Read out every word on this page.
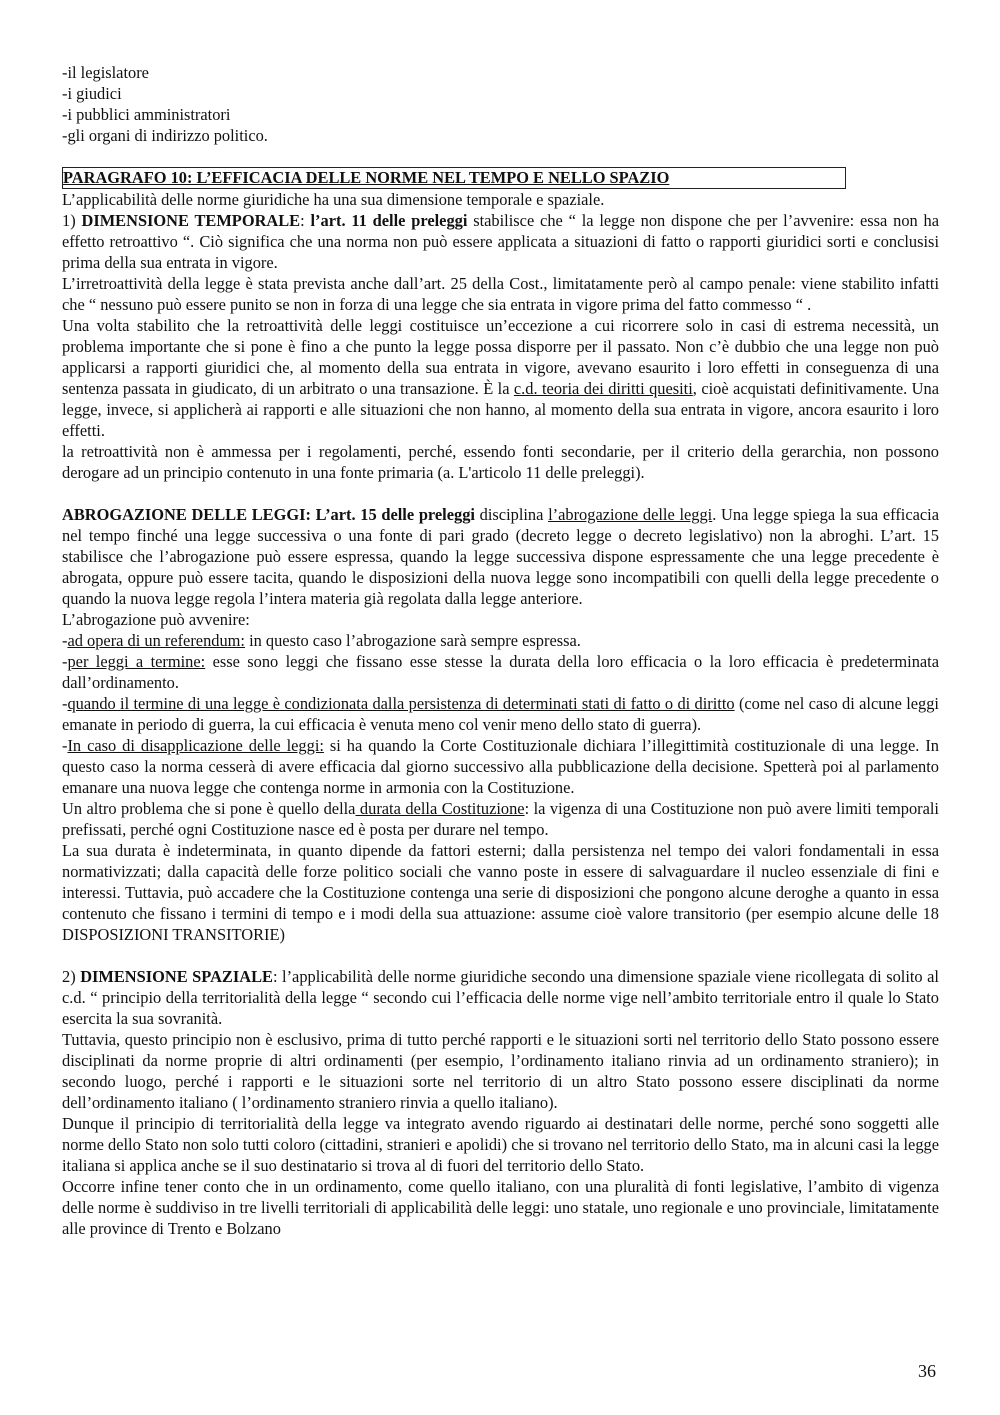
-il legislatore
-i giudici
-i pubblici amministratori
-gli organi di indirizzo politico.
PARAGRAFO 10: L’EFFICACIA DELLE NORME NEL TEMPO E NELLO SPAZIO

L’applicabilità delle norme giuridiche ha una sua dimensione temporale e spaziale.

1) DIMENSIONE TEMPORALE: l’art. 11 delle preleggi stabilisce che “ la legge non dispone che per l’avvenire: essa non ha effetto retroattivo “. Ciò significa che una norma non può essere applicata a situazioni di fatto o rapporti giuridici sorti e conclusisi prima della sua entrata in vigore.

L’irretroattività della legge è stata prevista anche dall’art. 25 della Cost., limitatamente però al campo penale: viene stabilito infatti che “ nessuno può essere punito se non in forza di una legge che sia entrata in vigore prima del fatto commesso “ .

Una volta stabilito che la retroattività delle leggi costituisce un’eccezione a cui ricorrere solo in casi di estrema necessità, un problema importante che si pone è fino a che punto la legge possa disporre per il passato. Non c’è dubbio che una legge non può applicarsi a rapporti giuridici che, al momento della sua entrata in vigore, avevano esaurito i loro effetti in conseguenza di una sentenza passata in giudicato, di un arbitrato o una transazione. È la c.d. teoria dei diritti quesiti, cioè acquistati definitivamente. Una legge, invece, si applicherà ai rapporti e alle situazioni che non hanno, al momento della sua entrata in vigore, ancora esaurito i loro effetti.

la retroattività non è ammessa per i regolamenti, perché, essendo fonti secondarie, per il criterio della gerarchia, non possono derogare ad un principio contenuto in una fonte primaria (a. L'articolo 11 delle preleggi).

ABROGAZIONE DELLE LEGGI: L’art. 15 delle preleggi disciplina l’abrogazione delle leggi. Una legge spiega la sua efficacia nel tempo finché una legge successiva o una fonte di pari grado (decreto legge o decreto legislativo) non la abroghi. L’art. 15 stabilisce che l’abrogazione può essere espressa, quando la legge successiva dispone espressamente che una legge precedente è abrogata, oppure può essere tacita, quando le disposizioni della nuova legge sono incompatibili con quelli della legge precedente o quando la nuova legge regola l’intera materia già regolata dalla legge anteriore.

L’abrogazione può avvenire:

-ad opera di un referendum: in questo caso l’abrogazione sarà sempre espressa.

-per leggi a termine: esse sono leggi che fissano esse stesse la durata della loro efficacia o la loro efficacia è predeterminata dall’ordinamento.

-quando il termine di una legge è condizionata dalla persistenza di determinati stati di fatto o di diritto (come nel caso di alcune leggi emanate in periodo di guerra, la cui efficacia è venuta meno col venir meno dello stato di guerra).

-In caso di disapplicazione delle leggi: si ha quando la Corte Costituzionale dichiara l’illegittimità costituzionale di una legge. In questo caso la norma cesserà di avere efficacia dal giorno successivo alla pubblicazione della decisione. Spetterà poi al parlamento emanare una nuova legge che contenga norme in armonia con la Costituzione.

Un altro problema che si pone è quello della durata della Costituzione: la vigenza di una Costituzione non può avere limiti temporali prefissati, perché ogni Costituzione nasce ed è posta per durare nel tempo.

La sua durata è indeterminata, in quanto dipende da fattori esterni; dalla persistenza nel tempo dei valori fondamentali in essa normativizzati; dalla capacità delle forze politico sociali che vanno poste in essere di salvaguardare il nucleo essenziale di fini e interessi. Tuttavia, può accadere che la Costituzione contenga una serie di disposizioni che pongono alcune deroghe a quanto in essa contenuto che fissano i termini di tempo e i modi della sua attuazione: assume cioè valore transitorio (per esempio alcune delle 18 DISPOSIZIONI TRANSITORIE)

2) DIMENSIONE SPAZIALE: l’applicabilità delle norme giuridiche secondo una dimensione spaziale viene ricollegata di solito al c.d. “ principio della territorialità della legge “ secondo cui l’efficacia delle norme vige nell’ambito territoriale entro il quale lo Stato esercita la sua sovranità.

Tuttavia, questo principio non è esclusivo, prima di tutto perché rapporti e le situazioni sorti nel territorio dello Stato possono essere disciplinati da norme proprie di altri ordinamenti (per esempio, l’ordinamento italiano rinvia ad un ordinamento straniero); in secondo luogo, perché i rapporti e le situazioni sorte nel territorio di un altro Stato possono essere disciplinati da norme dell’ordinamento italiano ( l’ordinamento straniero rinvia a quello italiano).

Dunque il principio di territorialità della legge va integrato avendo riguardo ai destinatari delle norme, perché sono soggetti alle norme dello Stato non solo tutti coloro (cittadini, stranieri e apolidi) che si trovano nel territorio dello Stato, ma in alcuni casi la legge italiana si applica anche se il suo destinatario si trova al di fuori del territorio dello Stato.

Occorre infine tener conto che in un ordinamento, come quello italiano, con una pluralità di fonti legislative, l’ambito di vigenza delle norme è suddiviso in tre livelli territoriali di applicabilità delle leggi: uno statale, uno regionale e uno provinciale, limitatamente alle province di Trento e Bolzano

36
